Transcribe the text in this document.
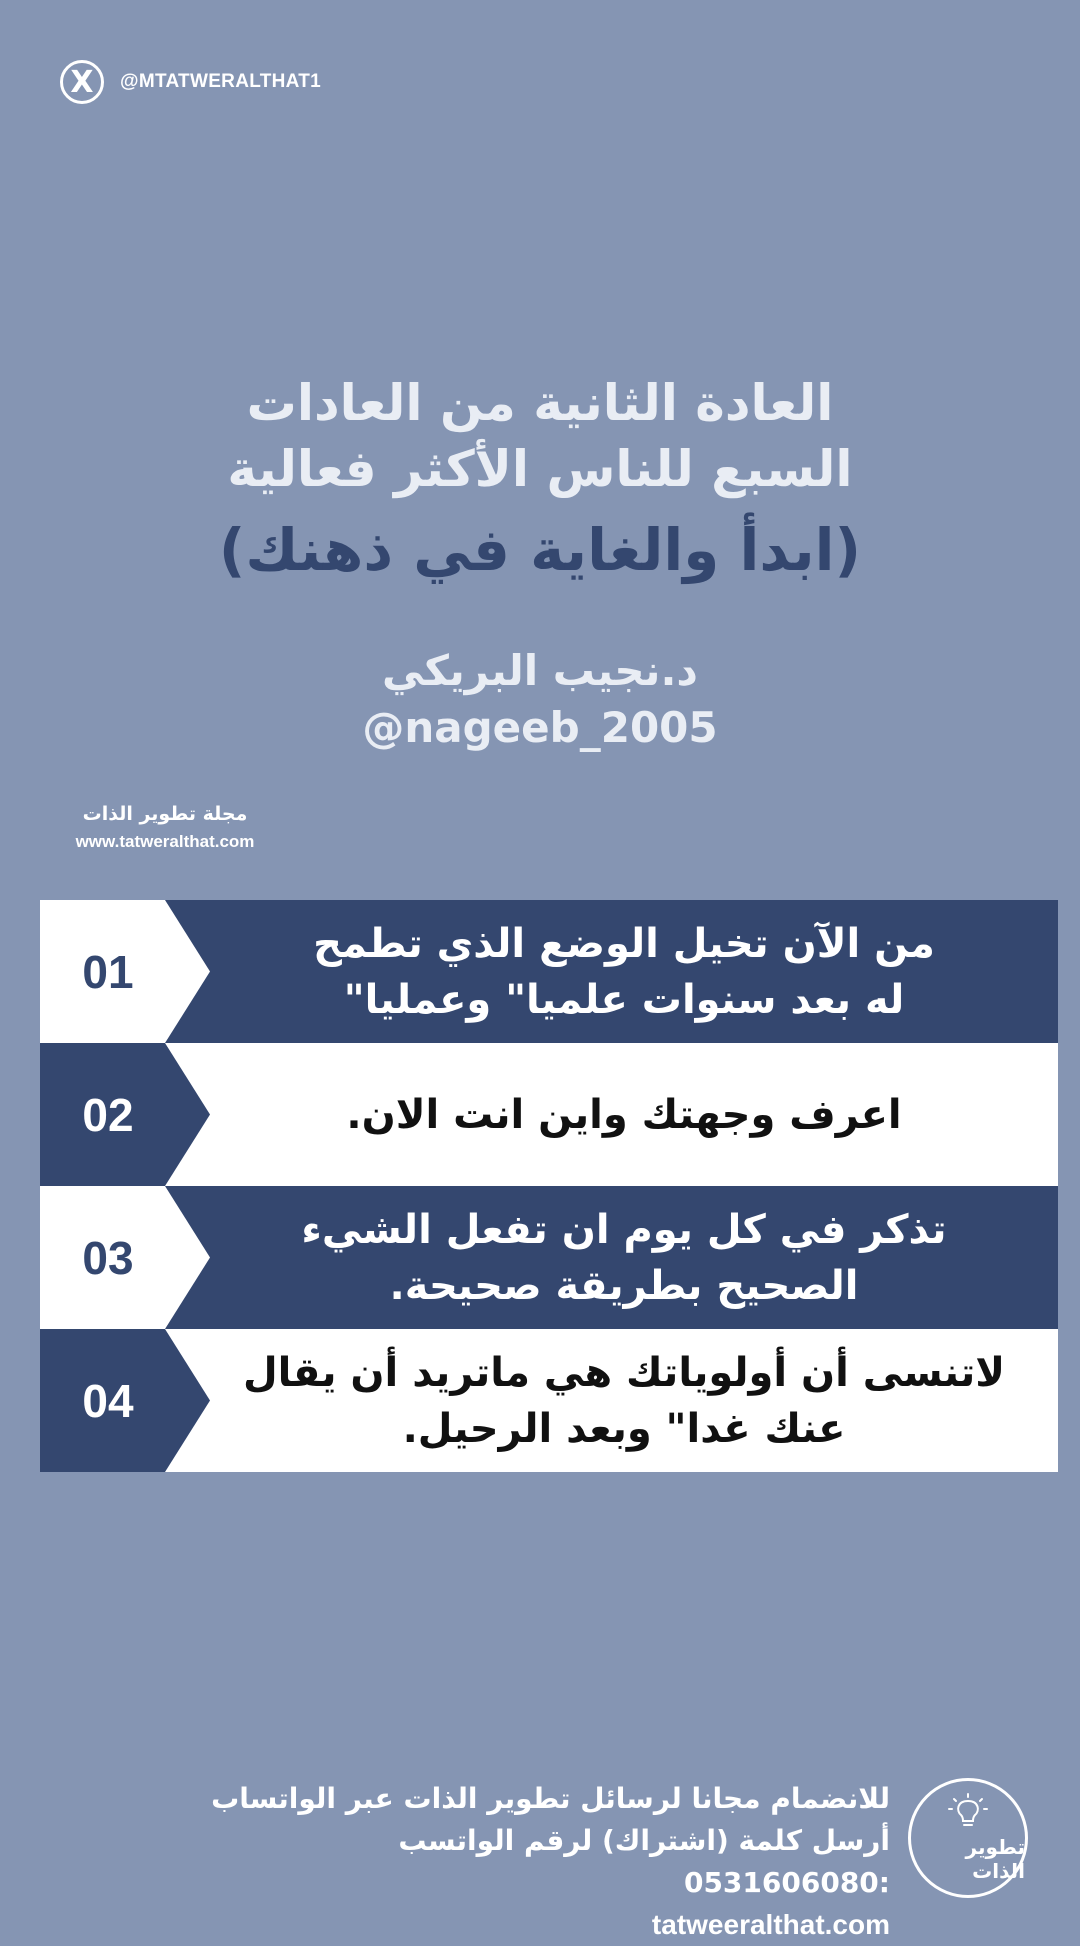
X	@MTATWERALTHAT1
العادة الثانية من العادات
السبع للناس الأكثر فعالية
(ابدأ والغاية في ذهنك)
د.نجيب البريكي
@nageeb_2005
مجلة تطوير الذات
www.tatweralthat.com
01
من الآن تخيل الوضع الذي تطمح
له بعد سنوات علميا" وعمليا"
02	اعرف وجهتك واين انت الان.
03
تذكر في كل يوم ان تفعل الشيء
الصحيح بطريقة صحيحة.
04
لاتنسى أن أولوياتك هي ماتريد أن يقال
عنك غدا" وبعد الرحيل.
للانضمام مجانا لرسائل تطوير الذات عبر الواتساب
أرسل كلمة (اشتراك) لرقم الواتسب :0531606080
tatweeralthat.com
تطوير الذات
